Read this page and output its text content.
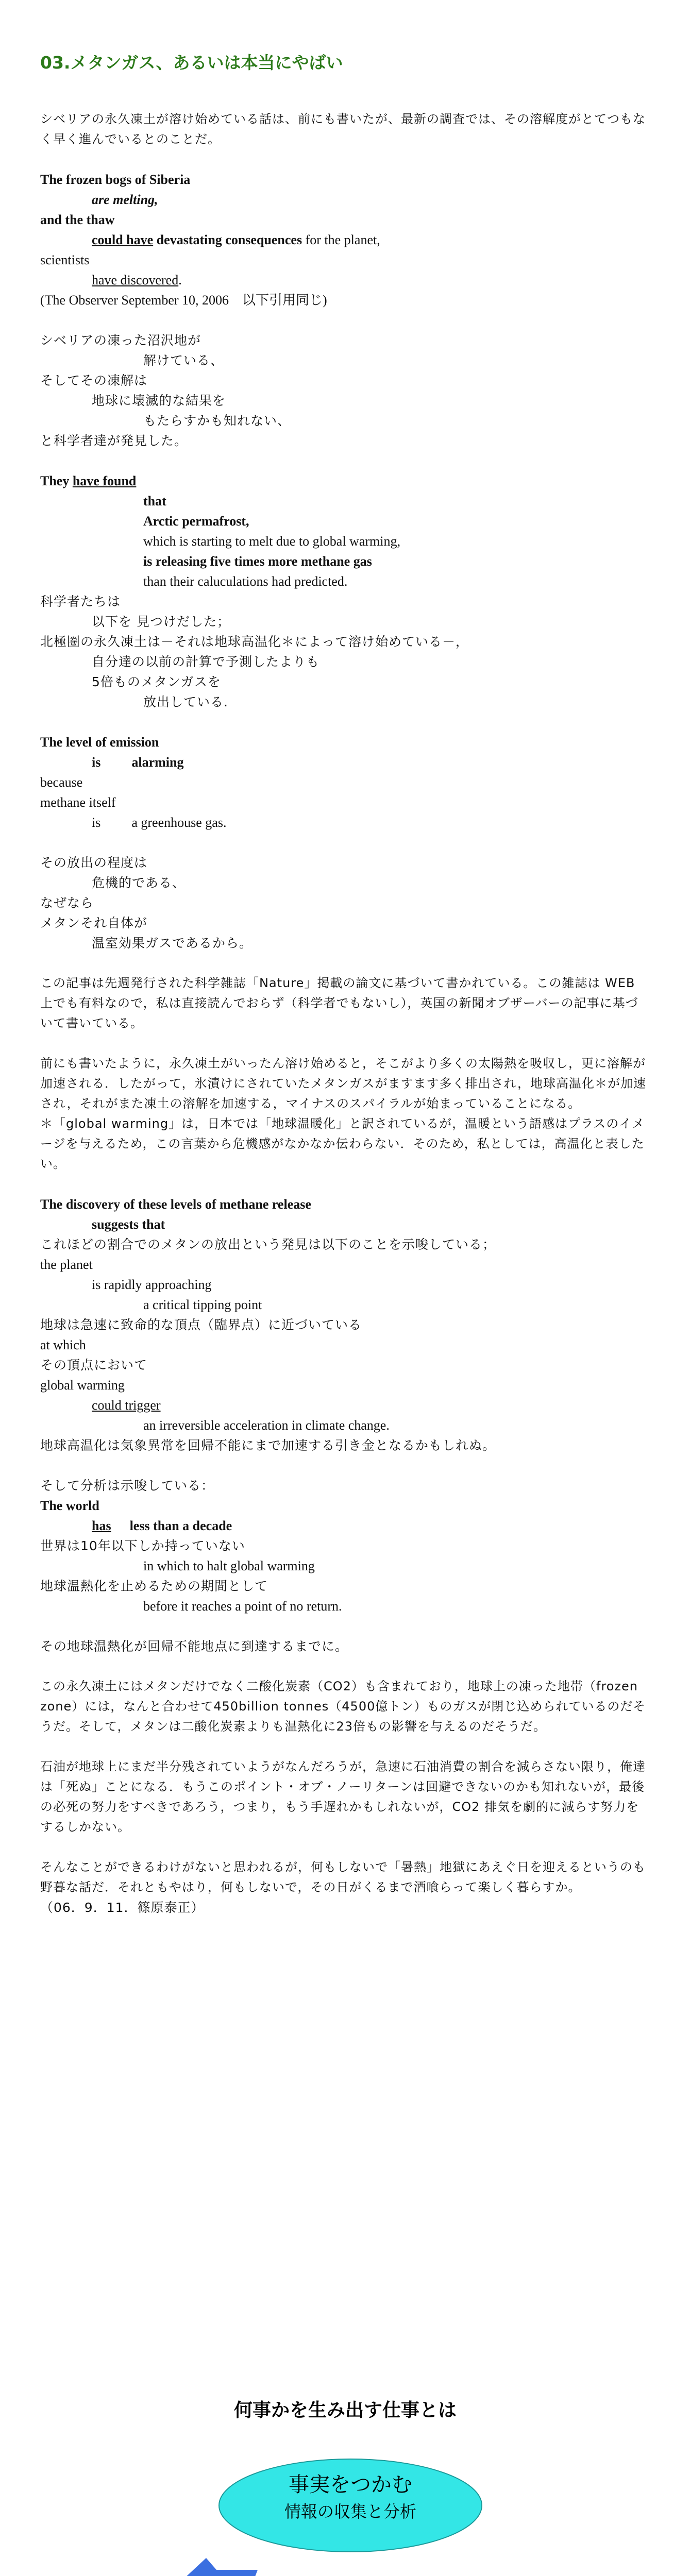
03.メタンガス、あるいは本当にやばい
シベリアの永久凍土が溶け始めている話は、前にも書いたが、最新の調査では、その溶解度がとてつもなく早く進んでいるとのことだ。
The frozen bogs of Siberia
are melting,
and the thaw
could have devastating consequences for the planet,
scientists
have discovered.
(The Observer September 10, 2006　以下引用同じ)
シベリアの凍った沼沢地が
解けている、
そしてその凍解は
地球に壊滅的な結果を
もたらすかも知れない、
と科学者達が発見した。
They have found
that
Arctic permafrost,
which is starting to melt due to global warming,
is releasing five times more methane gas
than their caluculations had predicted.
科学者たちは
以下を 見つけだした；
北極圏の永久凍土は－それは地球高温化＊によって溶け始めている－，
自分達の以前の計算で予測したよりも
5倍ものメタンガスを
放出している.
The level of emission
is alarming
because
methane itself
is a greenhouse gas.
その放出の程度は
危機的である、
なぜなら
メタンそれ自体が
温室効果ガスであるから。
この記事は先週発行された科学雑誌「Nature」掲載の論文に基づいて書かれている。この雑誌は WEB 上でも有料なので，私は直接読んでおらず（科学者でもないし），英国の新聞オブザーバーの記事に基づいて書いている。
前にも書いたように，永久凍土がいったん溶け始めると，そこがより多くの太陽熱を吸収し，更に溶解が加速される．したがって，氷漬けにされていたメタンガスがますます多く排出され，地球高温化＊が加速され，それがまた凍土の溶解を加速する，マイナスのスパイラルが始まっていることになる。
＊「global warming」は，日本では「地球温暖化」と訳されているが，温暖という語感はプラスのイメージを与えるため，この言葉から危機感がなかなか伝わらない．そのため，私としては，高温化と表したい。
The discovery of these levels of methane release
suggests that
これほどの割合でのメタンの放出という発見は以下のことを示唆している；
the planet
is rapidly approaching
a critical tipping point
地球は急速に致命的な頂点（臨界点）に近づいている
at which
その頂点において
global warming
could trigger
an irreversible acceleration in climate change.
地球高温化は気象異常を回帰不能にまで加速する引き金となるかもしれぬ。
そして分析は示唆している：
The world
has less than a decade
世界は10年以下しか持っていない
in which to halt global warming
地球温熱化を止めるための期間として
before it reaches a point of no return.
その地球温熱化が回帰不能地点に到達するまでに。
この永久凍土にはメタンだけでなく二酸化炭素（CO2）も含まれており，地球上の凍った地帯（frozen zone）には，なんと合わせて450billion tonnes（4500億トン）ものガスが閉じ込められているのだそうだ。そして，メタンは二酸化炭素よりも温熱化に23倍もの影響を与えるのだそうだ。
石油が地球上にまだ半分残されていようがなんだろうが，急速に石油消費の割合を減らさない限り，俺達は「死ぬ」ことになる．もうこのポイント・オブ・ノーリターンは回避できないのかも知れないが，最後の必死の努力をすべきであろう，つまり，もう手遅れかもしれないが，CO2 排気を劇的に減らす努力をするしかない。
そんなことができるわけがないと思われるが，何もしないで「暑熱」地獄にあえぐ日を迎えるというのも野暮な話だ．それともやはり，何もしないで，その日がくるまで酒喰らって楽しく暮らすか。
（06．9．11．篠原泰正）
何事かを生み出す仕事とは
事実をつかむ
情報の収集と分析
